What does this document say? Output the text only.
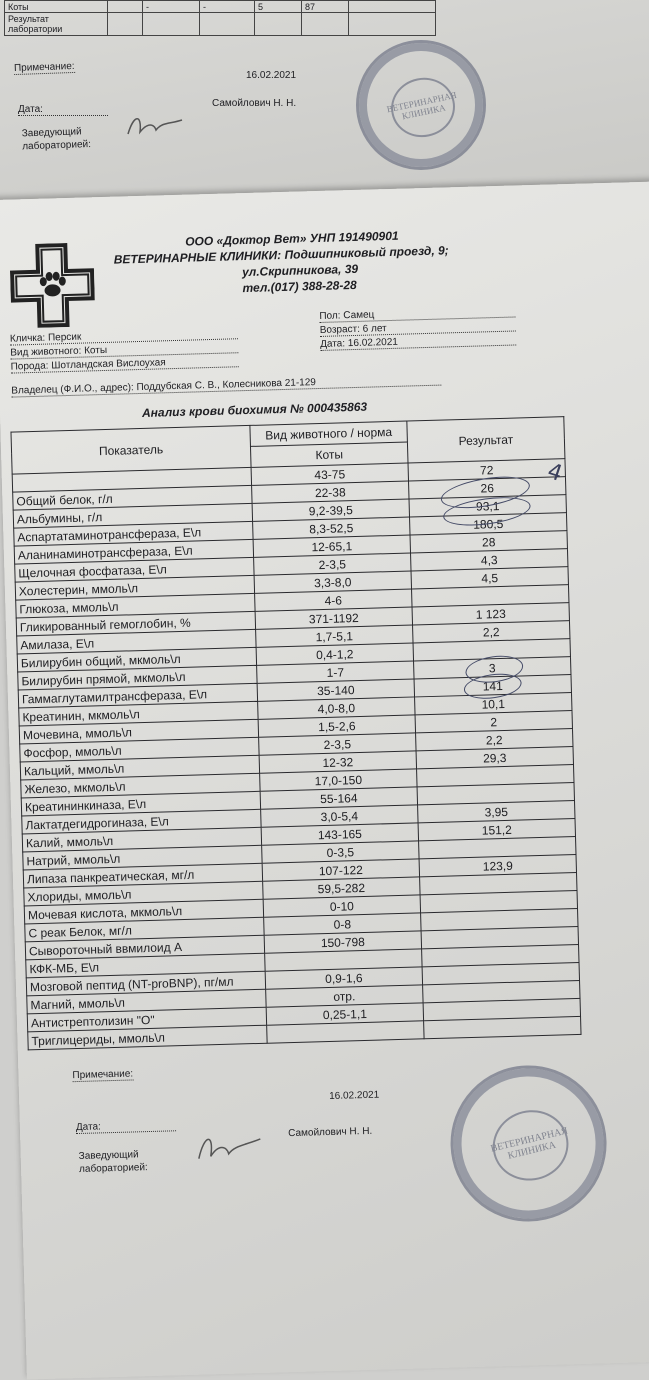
Коты		-	-	5	87	
Результат лаборатории						
Примечание:
16.02.2021
Дата:
Заведующий лабораторией:
Самойлович Н. Н.	ВЕТЕРИНАРНАЯ КЛИНИКА
ООО «Доктор Вет» УНП 191490901
ВЕТЕРИНАРНЫЕ КЛИНИКИ: Подшипниковый проезд, 9;
ул.Скрипникова, 39
тел.(017) 388-28-28
Кличка: Персик
Вид животного: Коты
Порода: Шотландская Вислоухая
Пол: Самец
Возраст: 6 лет
Дата: 16.02.2021
Владелец (Ф.И.О., адрес): Поддубская С. В., Колесникова 21-129
Анализ крови биохимия № 000435863
Показатель	Вид животного / норма	Результат
	Коты	
	43-75	72
Общий белок, г/л	22-38	26
Альбумины, г/л	9,2-39,5	93,1
Аспартатаминотрансфераза, Е\л	8,3-52,5	180,5
Аланинаминотрансфераза, Е\л	12-65,1	28
Щелочная фосфатаза, Е\л	2-3,5	4,3
Холестерин, ммоль\л	3,3-8,0	4,5
Глюкоза, ммоль\л	4-6	
Гликированный гемоглобин, %	371-1192	1 123
Амилаза, Е\л	1,7-5,1	2,2
Билирубин общий, мкмоль\л	0,4-1,2	
Билирубин прямой, мкмоль\л	1-7	3
Гаммаглутамилтрансфераза, Е\л	35-140	141
Креатинин, мкмоль\л	4,0-8,0	10,1
Мочевина, ммоль\л	1,5-2,6	2
Фосфор, ммоль\л	2-3,5	2,2
Кальций, ммоль\л	12-32	29,3
Железо, мкмоль\л	17,0-150	
Креатининкиназа, Е\л	55-164	
Лактатдегидрогиназа, Е\л	3,0-5,4	3,95
Калий, ммоль\л	143-165	151,2
Натрий, ммоль\л	0-3,5	
Липаза панкреатическая, мг/л	107-122	123,9
Хлориды, ммоль\л	59,5-282	
Мочевая кислота, мкмоль\л	0-10	
С реак Белок, мг/л	0-8	
Сывороточный ввмилоид А	150-798	
КФК-МБ, Е\л		
Мозговой пептид (NT-proBNP), пг/мл	0,9-1,6	
Магний, ммоль\л	отр.	
Антистрептолизин "О"	0,25-1,1	
Триглицериды, ммоль\л		
4
Примечание:
16.02.2021
Дата:
Заведующий лабораторией:
Самойлович Н. Н.	ВЕТЕРИНАРНАЯ КЛИНИКА
